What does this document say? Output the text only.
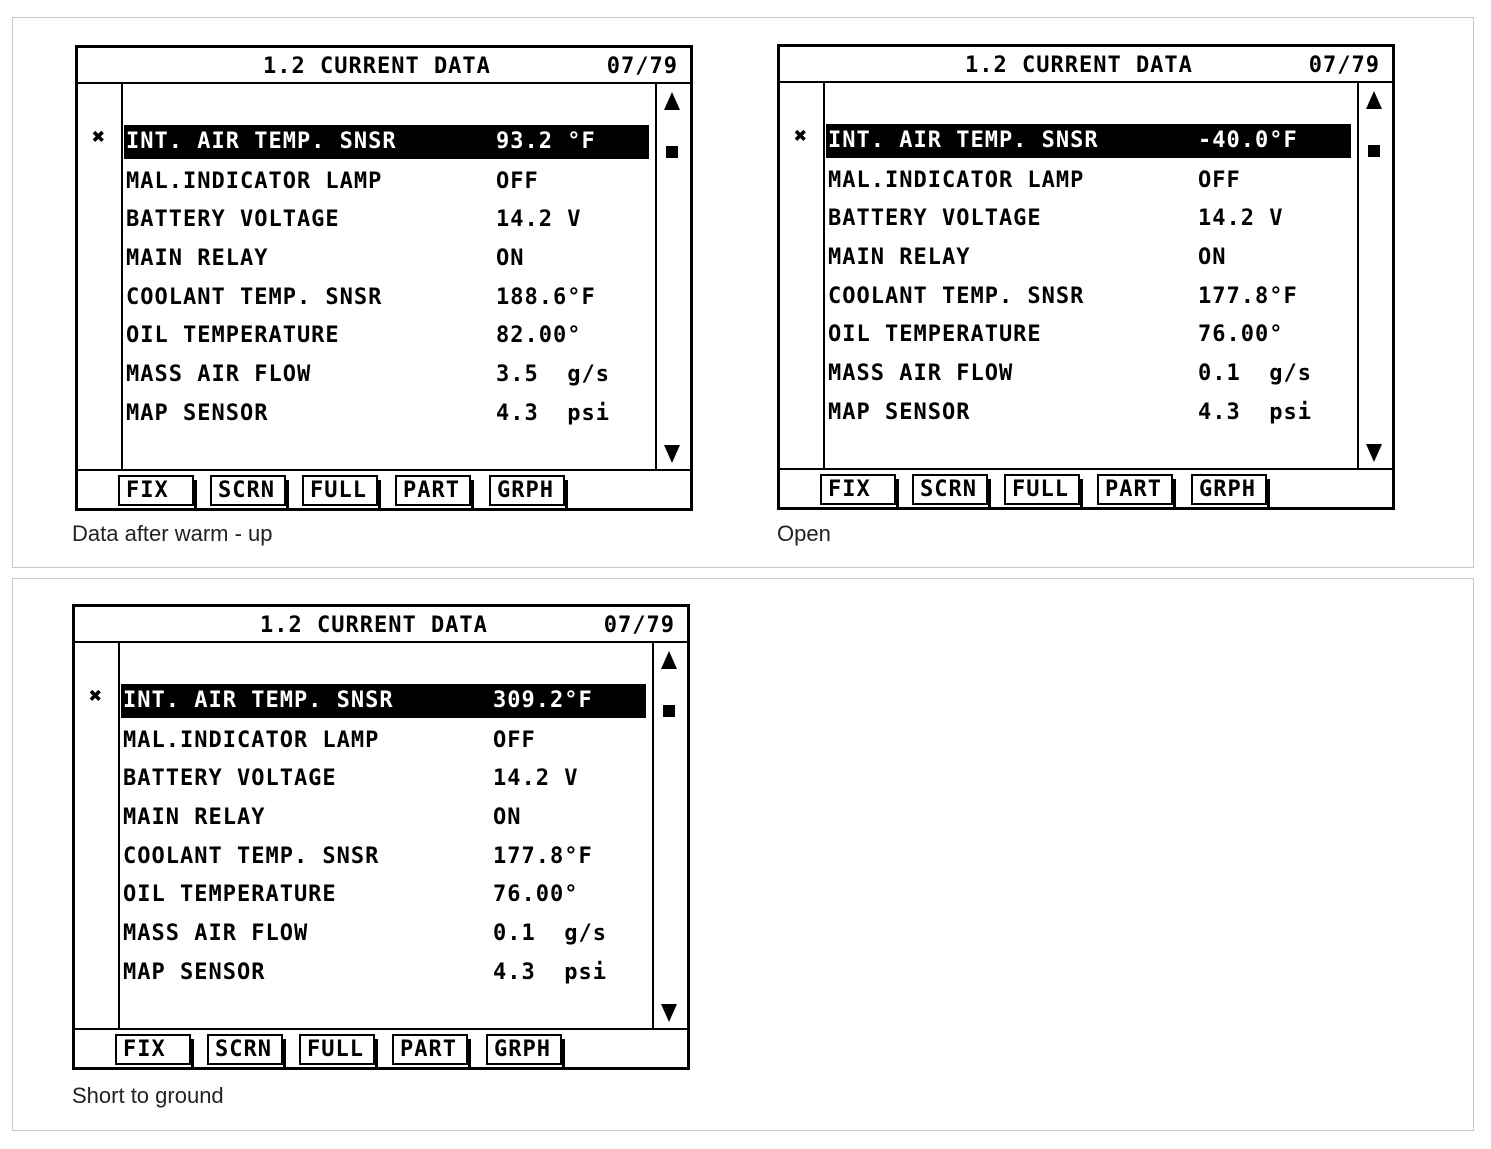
1.2 CURRENT DATA	07/79
✖ INT. AIR TEMP. SNSR	93.2 °F
MAL.INDICATOR LAMP	OFF
BATTERY VOLTAGE	14.2 V
MAIN RELAY	ON
COOLANT TEMP. SNSR	188.6°F
OIL TEMPERATURE	82.00°
MASS AIR FLOW	3.5  g/s
MAP SENSOR	4.3  psi
FIX	SCRN	FULL	PART	GRPH
Data after warm - up
1.2 CURRENT DATA	07/79
✖ INT. AIR TEMP. SNSR	-40.0°F
MAL.INDICATOR LAMP	OFF
BATTERY VOLTAGE	14.2 V
MAIN RELAY	ON
COOLANT TEMP. SNSR	177.8°F
OIL TEMPERATURE	76.00°
MASS AIR FLOW	0.1  g/s
MAP SENSOR	4.3  psi
FIX	SCRN	FULL	PART	GRPH
Open
1.2 CURRENT DATA	07/79
✖ INT. AIR TEMP. SNSR	309.2°F
MAL.INDICATOR LAMP	OFF
BATTERY VOLTAGE	14.2 V
MAIN RELAY	ON
COOLANT TEMP. SNSR	177.8°F
OIL TEMPERATURE	76.00°
MASS AIR FLOW	0.1  g/s
MAP SENSOR	4.3  psi
FIX	SCRN	FULL	PART	GRPH
Short to ground
